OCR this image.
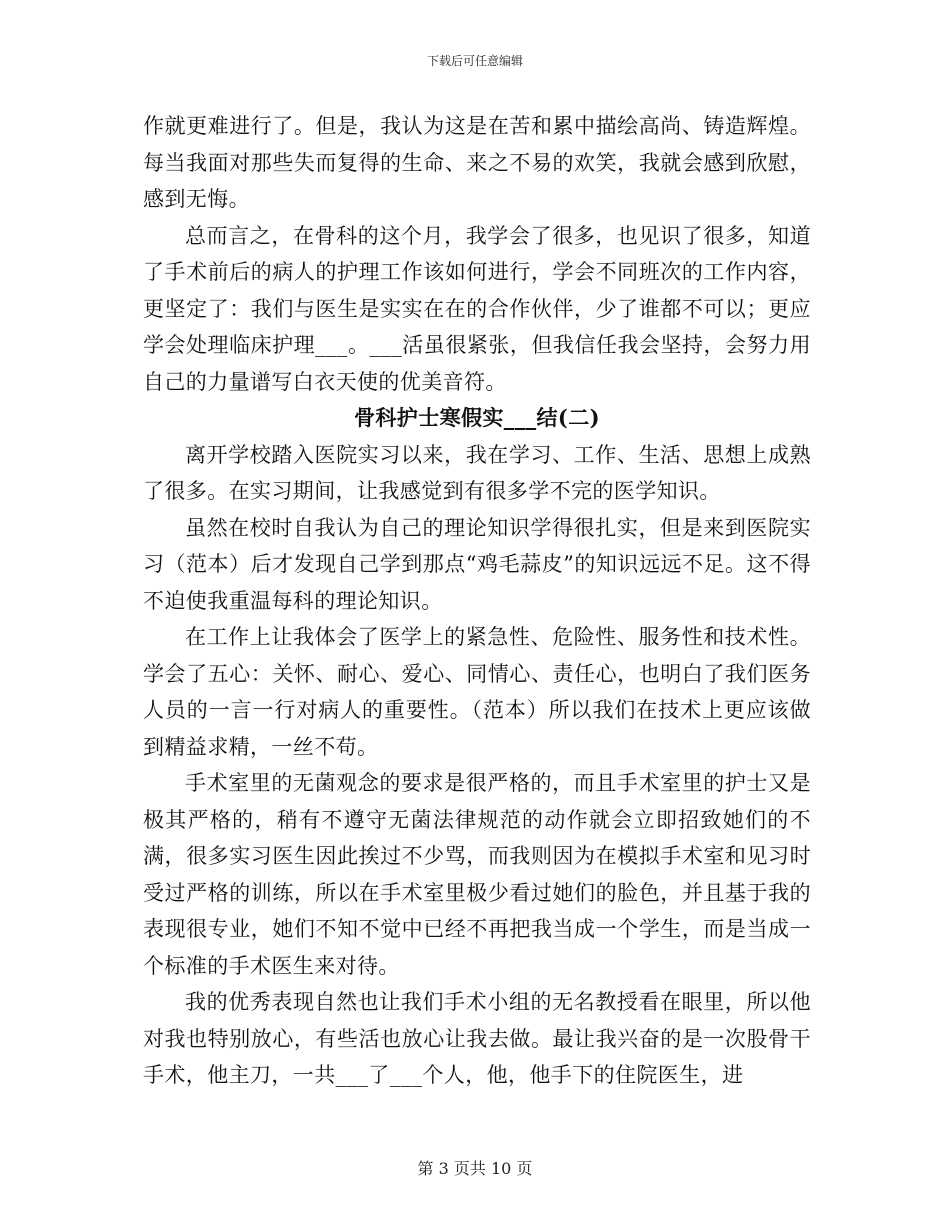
下载后可任意编辑

作就更难进行了。但是，我认为这是在苦和累中描绘高尚、铸造辉煌。每当我面对那些失而复得的生命、来之不易的欢笑，我就会感到欣慰，感到无悔。

总而言之，在骨科的这个月，我学会了很多，也见识了很多，知道了手术前后的病人的护理工作该如何进行，学会不同班次的工作内容，更坚定了：我们与医生是实实在在的合作伙伴，少了谁都不可以；更应学会处理临床护理___。___活虽很紧张，但我信任我会坚持，会努力用自己的力量谱写白衣天使的优美音符。

骨科护士寒假实___结(二)

离开学校踏入医院实习以来，我在学习、工作、生活、思想上成熟了很多。在实习期间，让我感觉到有很多学不完的医学知识。

虽然在校时自我认为自己的理论知识学得很扎实，但是来到医院实习（范本）后才发现自己学到那点“鸡毛蒜皮”的知识远远不足。这不得不迫使我重温每科的理论知识。

在工作上让我体会了医学上的紧急性、危险性、服务性和技术性。学会了五心：关怀、耐心、爱心、同情心、责任心，也明白了我们医务人员的一言一行对病人的重要性。（范本）所以我们在技术上更应该做到精益求精，一丝不苟。

手术室里的无菌观念的要求是很严格的，而且手术室里的护士又是极其严格的，稍有不遵守无菌法律规范的动作就会立即招致她们的不满，很多实习医生因此挨过不少骂，而我则因为在模拟手术室和见习时受过严格的训练，所以在手术室里极少看过她们的脸色，并且基于我的表现很专业，她们不知不觉中已经不再把我当成一个学生，而是当成一个标准的手术医生来对待。

我的优秀表现自然也让我们手术小组的无名教授看在眼里，所以他对我也特别放心，有些活也放心让我去做。最让我兴奋的是一次股骨干手术，他主刀，一共___了___个人，他，他手下的住院医生，进

第 3 页共 10 页
